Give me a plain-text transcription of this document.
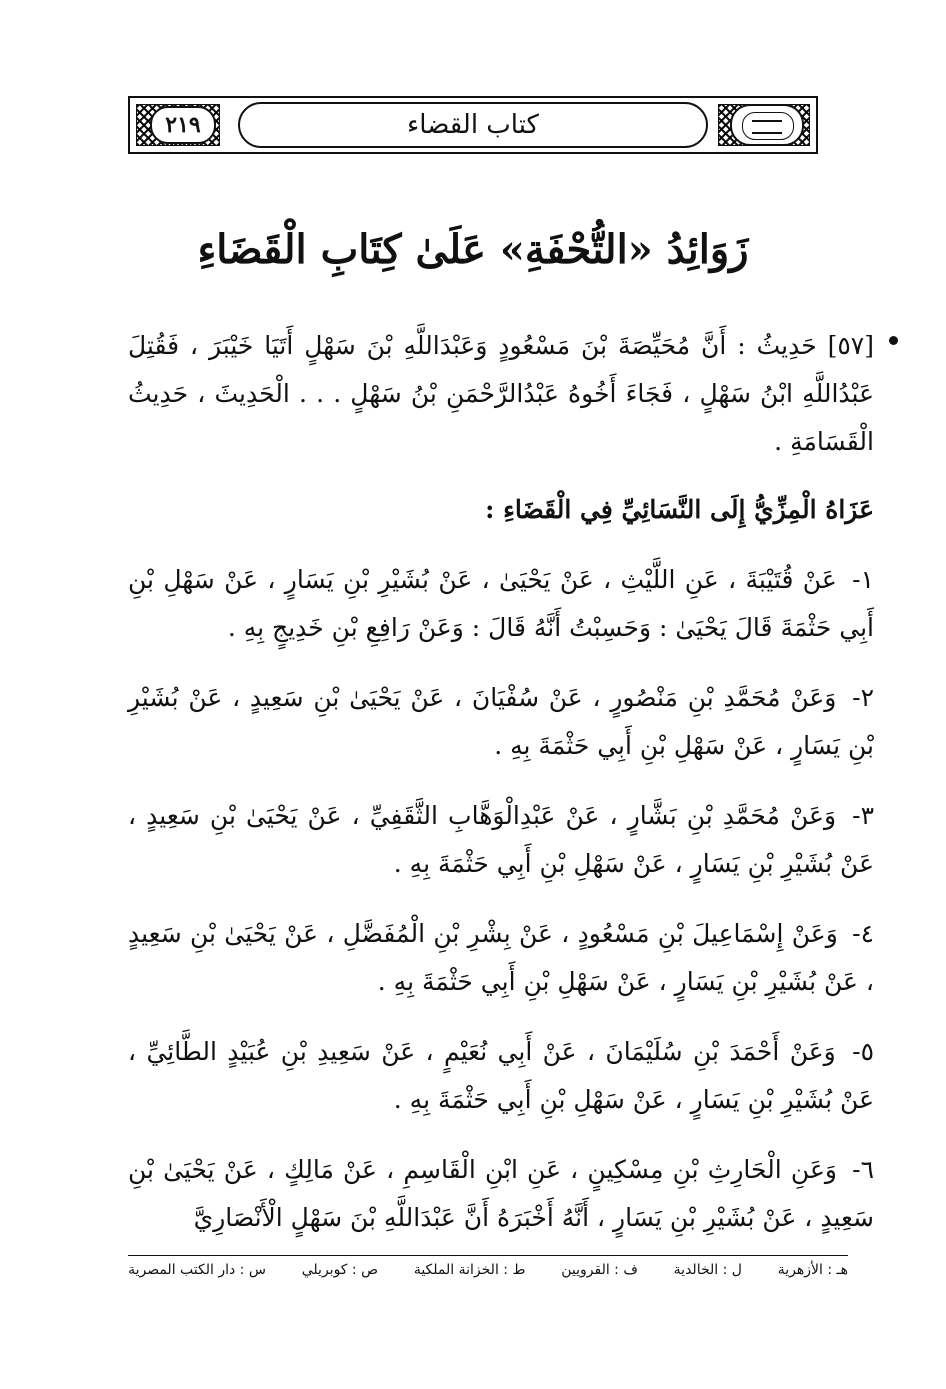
كتاب القضاء
٢١٩
زَوَائِدُ «التُّحْفَةِ» عَلَىٰ كِتَابِ الْقَضَاءِ

[٥٧] حَدِيثُ : أَنَّ مُحَيِّصَةَ بْنَ مَسْعُودٍ وَعَبْدَاللَّهِ بْنَ سَهْلٍ أَتَيَا خَيْبَرَ ، فَقُتِلَ عَبْدُاللَّهِ ابْنُ سَهْلٍ ، فَجَاءَ أَخُوهُ عَبْدُالرَّحْمَنِ بْنُ سَهْلٍ . . . الْحَدِيثَ ، حَدِيثُ الْقَسَامَةِ .

عَزَاهُ الْمِزِّيُّ إِلَى النَّسَائِيِّ فِي الْقَضَاءِ :

١- عَنْ قُتَيْبَةَ ، عَنِ اللَّيْثِ ، عَنْ يَحْيَىٰ ، عَنْ بُشَيْرِ بْنِ يَسَارٍ ، عَنْ سَهْلِ بْنِ أَبِي حَثْمَةَ قَالَ يَحْيَىٰ : وَحَسِبْتُ أَنَّهُ قَالَ : وَعَنْ رَافِعِ بْنِ خَدِيجٍ بِهِ .

٢- وَعَنْ مُحَمَّدِ بْنِ مَنْصُورٍ ، عَنْ سُفْيَانَ ، عَنْ يَحْيَىٰ بْنِ سَعِيدٍ ، عَنْ بُشَيْرِ بْنِ يَسَارٍ ، عَنْ سَهْلِ بْنِ أَبِي حَثْمَةَ بِهِ .

٣- وَعَنْ مُحَمَّدِ بْنِ بَشَّارٍ ، عَنْ عَبْدِالْوَهَّابِ الثَّقَفِيِّ ، عَنْ يَحْيَىٰ بْنِ سَعِيدٍ ، عَنْ بُشَيْرِ بْنِ يَسَارٍ ، عَنْ سَهْلِ بْنِ أَبِي حَثْمَةَ بِهِ .

٤- وَعَنْ إِسْمَاعِيلَ بْنِ مَسْعُودٍ ، عَنْ بِشْرِ بْنِ الْمُفَضَّلِ ، عَنْ يَحْيَىٰ بْنِ سَعِيدٍ ، عَنْ بُشَيْرِ بْنِ يَسَارٍ ، عَنْ سَهْلِ بْنِ أَبِي حَثْمَةَ بِهِ .

٥- وَعَنْ أَحْمَدَ بْنِ سُلَيْمَانَ ، عَنْ أَبِي نُعَيْمٍ ، عَنْ سَعِيدِ بْنِ عُبَيْدٍ الطَّائِيِّ ، عَنْ بُشَيْرِ بْنِ يَسَارٍ ، عَنْ سَهْلِ بْنِ أَبِي حَثْمَةَ بِهِ .

٦- وَعَنِ الْحَارِثِ بْنِ مِسْكِينٍ ، عَنِ ابْنِ الْقَاسِمِ ، عَنْ مَالِكٍ ، عَنْ يَحْيَىٰ بْنِ سَعِيدٍ ، عَنْ بُشَيْرِ بْنِ يَسَارٍ ، أَنَّهُ أَخْبَرَهُ أَنَّ عَبْدَاللَّهِ بْنَ سَهْلٍ الْأَنْصَارِيَّ

س : دار الكتب المصرية	ص : كوبريلي	ط : الخزانة الملكية	ف : القرويين	ل : الخالدية	هـ : الأزهرية
